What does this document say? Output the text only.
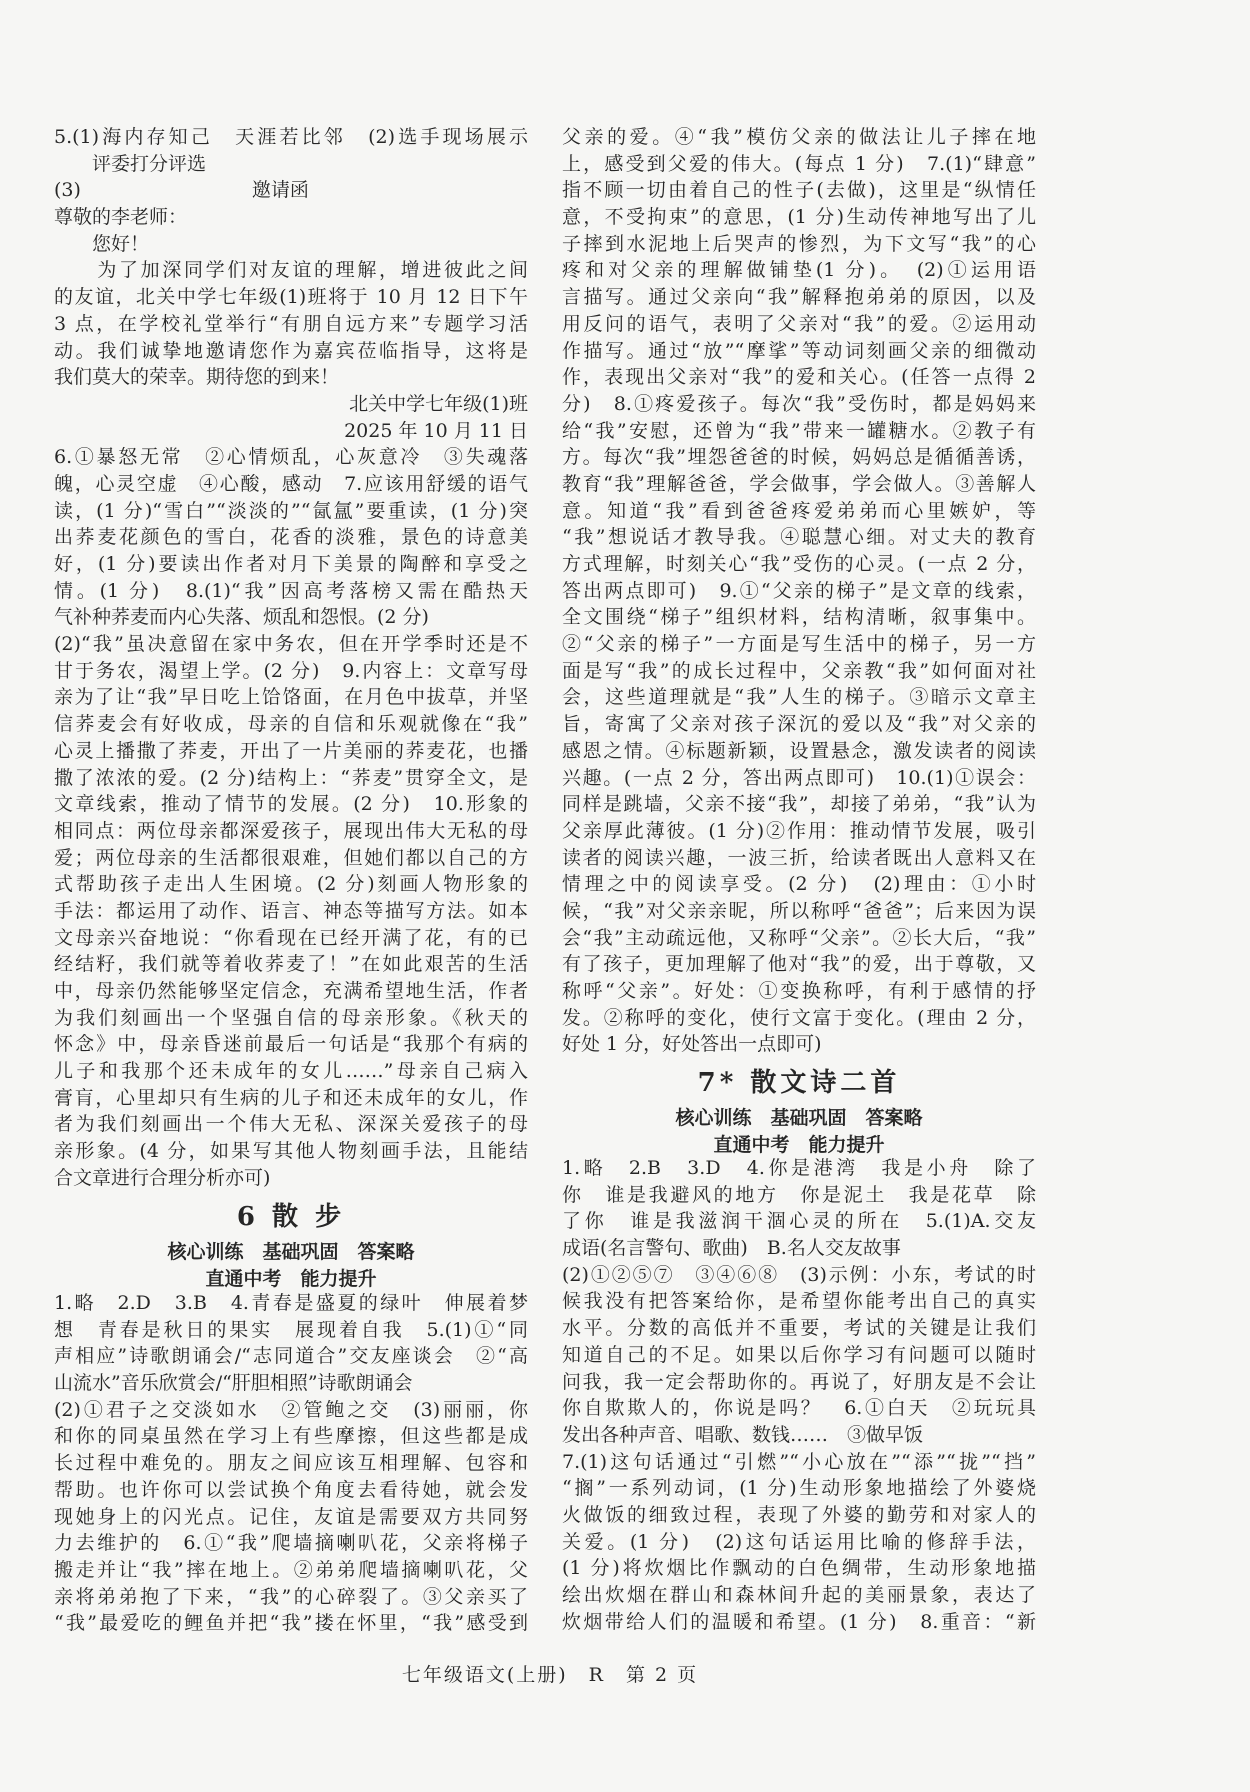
5.(1)海内存知己　天涯若比邻　(2)选手现场展示
评委打分评选
(3)　　　　　　　　　邀请函
尊敬的李老师：
　　您好！
　　为了加深同学们对友谊的理解，增进彼此之间
的友谊，北关中学七年级(1)班将于 10 月 12 日下午
3 点，在学校礼堂举行“有朋自远方来”专题学习活
动。我们诚挚地邀请您作为嘉宾莅临指导，这将是
我们莫大的荣幸。期待您的到来！
北关中学七年级(1)班
2025 年 10 月 11 日
6.①暴怒无常　②心情烦乱，心灰意冷　③失魂落
魄，心灵空虚　④心酸，感动　7.应该用舒缓的语气
读，(1 分)“雪白”“淡淡的”“氤氲”要重读，(1 分)突
出荞麦花颜色的雪白，花香的淡雅，景色的诗意美
好，(1 分)要读出作者对月下美景的陶醉和享受之
情。(1 分)　8.(1)“我”因高考落榜又需在酷热天
气补种荞麦而内心失落、烦乱和怨恨。(2 分)
(2)“我”虽决意留在家中务农，但在开学季时还是不
甘于务农，渴望上学。(2 分)　9.内容上：文章写母
亲为了让“我”早日吃上饸饹面，在月色中拔草，并坚
信荞麦会有好收成，母亲的自信和乐观就像在“我”
心灵上播撒了荞麦，开出了一片美丽的荞麦花，也播
撒了浓浓的爱。(2 分)结构上：“荞麦”贯穿全文，是
文章线索，推动了情节的发展。(2 分)　10.形象的
相同点：两位母亲都深爱孩子，展现出伟大无私的母
爱；两位母亲的生活都很艰难，但她们都以自己的方
式帮助孩子走出人生困境。(2 分)刻画人物形象的
手法：都运用了动作、语言、神态等描写方法。如本
文母亲兴奋地说：“你看现在已经开满了花，有的已
经结籽，我们就等着收荞麦了！”在如此艰苦的生活
中，母亲仍然能够坚定信念，充满希望地生活，作者
为我们刻画出一个坚强自信的母亲形象。《秋天的
怀念》中，母亲昏迷前最后一句话是“我那个有病的
儿子和我那个还未成年的女儿……”母亲自己病入
膏肓，心里却只有生病的儿子和还未成年的女儿，作
者为我们刻画出一个伟大无私、深深关爱孩子的母
亲形象。(4 分，如果写其他人物刻画手法，且能结
合文章进行合理分析亦可)
6 散 步
核心训练　基础巩固　答案略
直通中考　能力提升
1.略　2.D　3.B　4.青春是盛夏的绿叶　伸展着梦
想　青春是秋日的果实　展现着自我　5.(1)①“同
声相应”诗歌朗诵会/“志同道合”交友座谈会　②“高
山流水”音乐欣赏会/“肝胆相照”诗歌朗诵会
(2)①君子之交淡如水　②管鲍之交　(3)丽丽，你
和你的同桌虽然在学习上有些摩擦，但这些都是成
长过程中难免的。朋友之间应该互相理解、包容和
帮助。也许你可以尝试换个角度去看待她，就会发
现她身上的闪光点。记住，友谊是需要双方共同努
力去维护的　6.①“我”爬墙摘喇叭花，父亲将梯子
搬走并让“我”摔在地上。②弟弟爬墙摘喇叭花，父
亲将弟弟抱了下来，“我”的心碎裂了。③父亲买了
“我”最爱吃的鲤鱼并把“我”搂在怀里，“我”感受到
父亲的爱。④“我”模仿父亲的做法让儿子摔在地
上，感受到父爱的伟大。(每点 1 分)　7.(1)“肆意”
指不顾一切由着自己的性子(去做)，这里是“纵情任
意，不受拘束”的意思，(1 分)生动传神地写出了儿
子摔到水泥地上后哭声的惨烈，为下文写“我”的心
疼和对父亲的理解做铺垫(1 分)。　(2)①运用语
言描写。通过父亲向“我”解释抱弟弟的原因，以及
用反问的语气，表明了父亲对“我”的爱。②运用动
作描写。通过“放”“摩挲”等动词刻画父亲的细微动
作，表现出父亲对“我”的爱和关心。(任答一点得 2
分)　8.①疼爱孩子。每次“我”受伤时，都是妈妈来
给“我”安慰，还曾为“我”带来一罐糖水。②教子有
方。每次“我”埋怨爸爸的时候，妈妈总是循循善诱，
教育“我”理解爸爸，学会做事，学会做人。③善解人
意。知道“我”看到爸爸疼爱弟弟而心里嫉妒，等
“我”想说话才教导我。④聪慧心细。对丈夫的教育
方式理解，时刻关心“我”受伤的心灵。(一点 2 分，
答出两点即可)　9.①“父亲的梯子”是文章的线索，
全文围绕“梯子”组织材料，结构清晰，叙事集中。
②“父亲的梯子”一方面是写生活中的梯子，另一方
面是写“我”的成长过程中，父亲教“我”如何面对社
会，这些道理就是“我”人生的梯子。③暗示文章主
旨，寄寓了父亲对孩子深沉的爱以及“我”对父亲的
感恩之情。④标题新颖，设置悬念，激发读者的阅读
兴趣。(一点 2 分，答出两点即可)　10.(1)①误会：
同样是跳墙，父亲不接“我”，却接了弟弟，“我”认为
父亲厚此薄彼。(1 分)②作用：推动情节发展，吸引
读者的阅读兴趣，一波三折，给读者既出人意料又在
情理之中的阅读享受。(2 分)　(2)理由：①小时
候，“我”对父亲亲昵，所以称呼“爸爸”；后来因为误
会“我”主动疏远他，又称呼“父亲”。②长大后，“我”
有了孩子，更加理解了他对“我”的爱，出于尊敬，又
称呼“父亲”。好处：①变换称呼，有利于感情的抒
发。②称呼的变化，使行文富于变化。(理由 2 分，
好处 1 分，好处答出一点即可)
7* 散文诗二首
核心训练　基础巩固　答案略
直通中考　能力提升
1.略　2.B　3.D　4.你是港湾　我是小舟　除了
你　谁是我避风的地方　你是泥土　我是花草　除
了你　谁是我滋润干涸心灵的所在　5.(1)A.交友
成语(名言警句、歌曲)　B.名人交友故事
(2)①②⑤⑦　③④⑥⑧　(3)示例：小东，考试的时
候我没有把答案给你，是希望你能考出自己的真实
水平。分数的高低并不重要，考试的关键是让我们
知道自己的不足。如果以后你学习有问题可以随时
问我，我一定会帮助你的。再说了，好朋友是不会让
你自欺欺人的，你说是吗？　6.①白天　②玩玩具
发出各种声音、唱歌、数钱……　③做早饭
7.(1)这句话通过“引燃”“小心放在”“添”“拢”“挡”
“搁”一系列动词，(1 分)生动形象地描绘了外婆烧
火做饭的细致过程，表现了外婆的勤劳和对家人的
关爱。(1 分)　(2)这句话运用比喻的修辞手法，
(1 分)将炊烟比作飘动的白色绸带，生动形象地描
绘出炊烟在群山和森林间升起的美丽景象，表达了
炊烟带给人们的温暖和希望。(1 分)　8.重音：“新
七年级语文(上册)　R　第 2 页
